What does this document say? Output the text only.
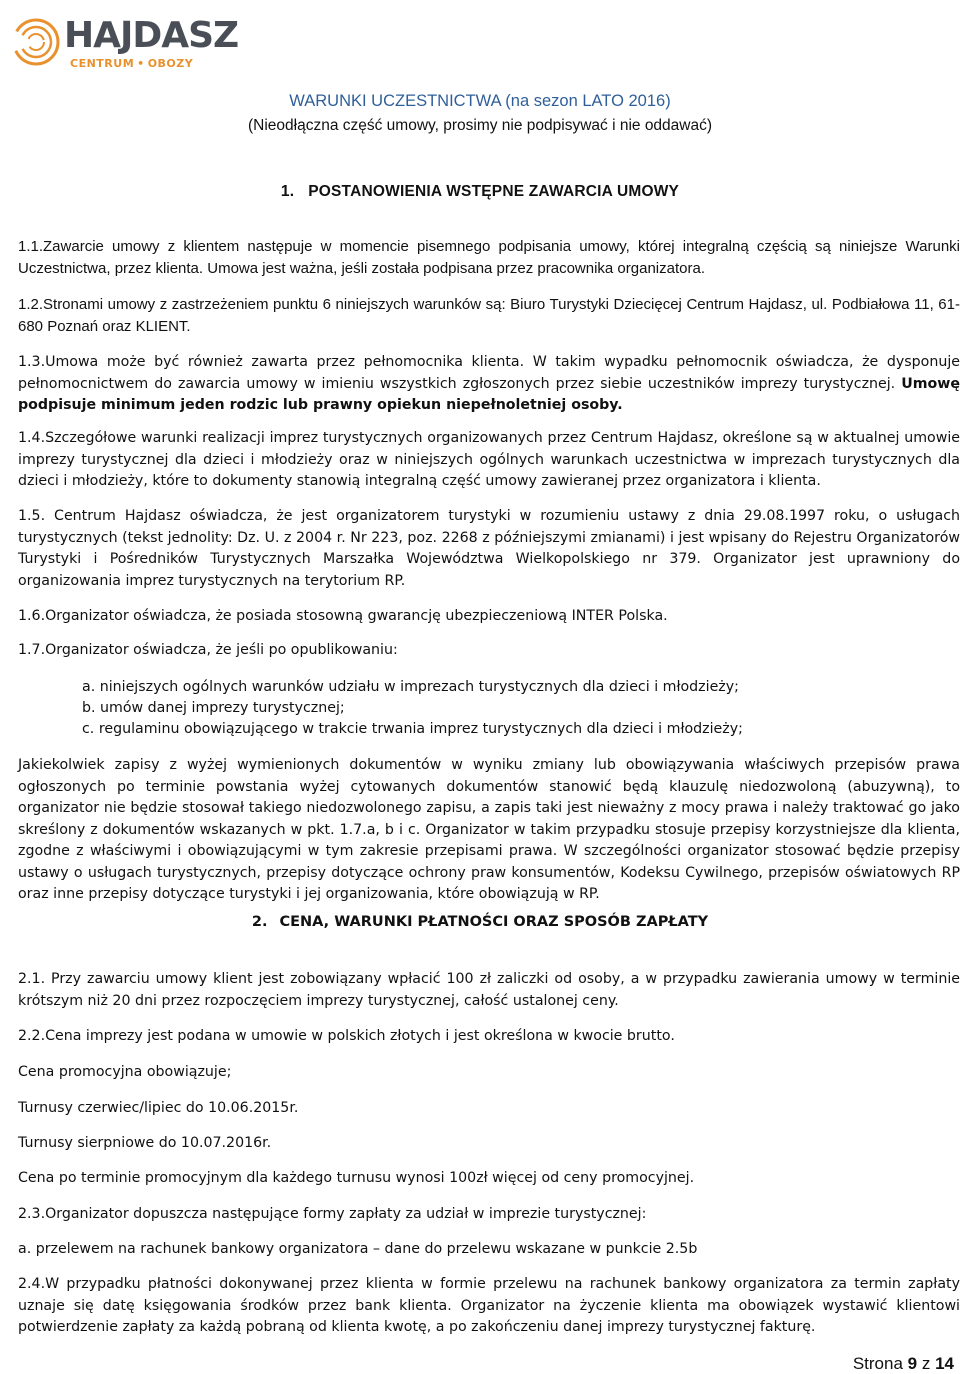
HAJDASZ
CENTRUM • OBOZY
WARUNKI UCZESTNICTWA (na sezon LATO 2016)
(Nieodłączna część umowy, prosimy nie podpisywać i nie oddawać)
1. POSTANOWIENIA WSTĘPNE ZAWARCIA UMOWY
1.1.Zawarcie umowy z klientem następuje w momencie pisemnego podpisania umowy, której integralną częścią są niniejsze Warunki Uczestnictwa, przez klienta. Umowa jest ważna, jeśli została podpisana przez pracownika organizatora.
1.2.Stronami umowy z zastrzeżeniem punktu 6 niniejszych warunków są: Biuro Turystyki Dziecięcej Centrum Hajdasz, ul. Podbiałowa 11, 61-680 Poznań oraz KLIENT.
1.3.Umowa może być również zawarta przez pełnomocnika klienta. W takim wypadku pełnomocnik oświadcza, że dysponuje pełnomocnictwem do zawarcia umowy w imieniu wszystkich zgłoszonych przez siebie uczestników imprezy turystycznej. Umowę podpisuje minimum jeden rodzic lub prawny opiekun niepełnoletniej osoby.
1.4.Szczegółowe warunki realizacji imprez turystycznych organizowanych przez Centrum Hajdasz, określone są w aktualnej umowie imprezy turystycznej dla dzieci i młodzieży oraz w niniejszych ogólnych warunkach uczestnictwa w imprezach turystycznych dla dzieci i młodzieży, które to dokumenty stanowią integralną część umowy zawieranej przez organizatora i klienta.
1.5. Centrum Hajdasz oświadcza, że jest organizatorem turystyki w rozumieniu ustawy z dnia 29.08.1997 roku, o usługach turystycznych (tekst jednolity: Dz. U. z 2004 r. Nr 223, poz. 2268 z późniejszymi zmianami) i jest wpisany do Rejestru Organizatorów Turystyki i Pośredników Turystycznych Marszałka Województwa Wielkopolskiego nr 379. Organizator jest uprawniony do organizowania imprez turystycznych na terytorium RP.
1.6.Organizator oświadcza, że posiada stosowną gwarancję ubezpieczeniową INTER Polska.
1.7.Organizator oświadcza, że jeśli po opublikowaniu:
a. niniejszych ogólnych warunków udziału w imprezach turystycznych dla dzieci i młodzieży;
b. umów danej imprezy turystycznej;
c. regulaminu obowiązującego w trakcie trwania imprez turystycznych dla dzieci i młodzieży;
Jakiekolwiek zapisy z wyżej wymienionych dokumentów w wyniku zmiany lub obowiązywania właściwych przepisów prawa ogłoszonych po terminie powstania wyżej cytowanych dokumentów stanowić będą klauzulę niedozwoloną (abuzywną), to organizator nie będzie stosował takiego niedozwolonego zapisu, a zapis taki jest nieważny z mocy prawa i należy traktować go jako skreślony z dokumentów wskazanych w pkt. 1.7.a, b i c. Organizator w takim przypadku stosuje przepisy korzystniejsze dla klienta, zgodne z właściwymi i obowiązującymi w tym zakresie przepisami prawa. W szczególności organizator stosować będzie przepisy ustawy o usługach turystycznych, przepisy dotyczące ochrony praw konsumentów, Kodeksu Cywilnego, przepisów oświatowych RP oraz inne przepisy dotyczące turystyki i jej organizowania, które obowiązują w RP.
2. CENA, WARUNKI PŁATNOŚCI ORAZ SPOSÓB ZAPŁATY
2.1. Przy zawarciu umowy klient jest zobowiązany wpłacić 100 zł zaliczki od osoby, a w przypadku zawierania umowy w terminie krótszym niż 20 dni przez rozpoczęciem imprezy turystycznej, całość ustalonej ceny.
2.2.Cena imprezy jest podana w umowie w polskich złotych i jest określona w kwocie brutto.
Cena promocyjna obowiązuje;
Turnusy czerwiec/lipiec do 10.06.2015r.
Turnusy sierpniowe do 10.07.2016r.
Cena po terminie promocyjnym dla każdego turnusu wynosi 100zł więcej od ceny promocyjnej.
2.3.Organizator dopuszcza następujące formy zapłaty za udział w imprezie turystycznej:
a. przelewem na rachunek bankowy organizatora – dane do przelewu wskazane w punkcie 2.5b
2.4.W przypadku płatności dokonywanej przez klienta w formie przelewu na rachunek bankowy organizatora za termin zapłaty uznaje się datę księgowania środków przez bank klienta. Organizator na życzenie klienta ma obowiązek wystawić klientowi potwierdzenie zapłaty za każdą pobraną od klienta kwotę, a po zakończeniu danej imprezy turystycznej fakturę.
Strona 9 z 14
